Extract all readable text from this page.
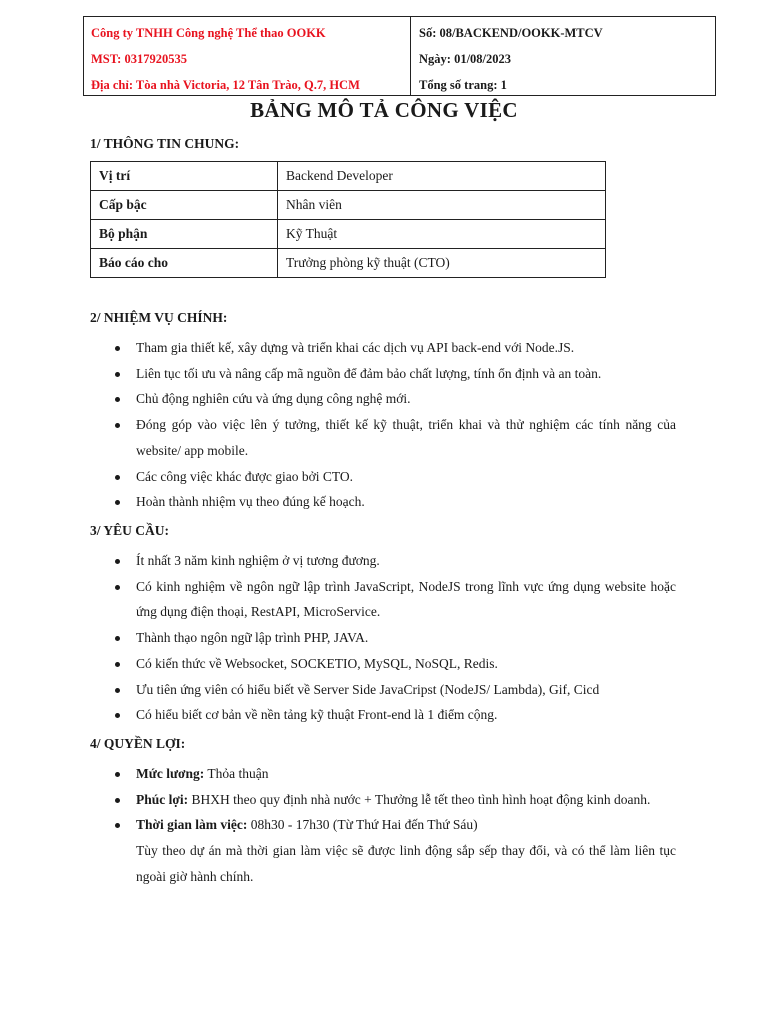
Công ty TNHH Công nghệ Thể thao OOKK
MST: 0317920535
Địa chỉ: Tòa nhà Victoria, 12 Tân Trào, Q.7, HCM
Số: 08/BACKEND/OOKK-MTCV
Ngày: 01/08/2023
Tổng số trang: 1
BẢNG MÔ TẢ CÔNG VIỆC
1/ THÔNG TIN CHUNG:
Vị trí	Backend Developer
Cấp bậc	Nhân viên
Bộ phận	Kỹ Thuật
Báo cáo cho	Trưởng phòng kỹ thuật (CTO)
2/ NHIỆM VỤ CHÍNH:
Tham gia thiết kế, xây dựng và triển khai các dịch vụ API back-end với Node.JS.
Liên tục tối ưu và nâng cấp mã nguồn để đảm bảo chất lượng, tính ổn định và an toàn.
Chủ động nghiên cứu và ứng dụng công nghệ mới.
Đóng góp vào việc lên ý tưởng, thiết kế kỹ thuật, triển khai và thử nghiệm các tính năng của website/ app mobile.
Các công việc khác được giao bởi CTO.
Hoàn thành nhiệm vụ theo đúng kế hoạch.
3/ YÊU CẦU:
Ít nhất 3 năm kinh nghiệm ở vị tương đương.
Có kinh nghiệm về ngôn ngữ lập trình JavaScript, NodeJS trong lĩnh vực ứng dụng website hoặc ứng dụng điện thoại, RestAPI, MicroService.
Thành thạo ngôn ngữ lập trình PHP, JAVA.
Có kiến thức về Websocket, SOCKETIO, MySQL, NoSQL, Redis.
Ưu tiên ứng viên có hiểu biết về Server Side JavaCripst (NodeJS/ Lambda), Gif, Cicd
Có hiểu biết cơ bản về nền tảng kỹ thuật Front-end là 1 điểm cộng.
4/ QUYỀN LỢI:
Mức lương: Thỏa thuận
Phúc lợi: BHXH theo quy định nhà nước + Thưởng lễ tết theo tình hình hoạt động kinh doanh.
Thời gian làm việc: 08h30 - 17h30 (Từ Thứ Hai đến Thứ Sáu)
Tùy theo dự án mà thời gian làm việc sẽ được linh động sắp sếp thay đổi, và có thể làm liên tục ngoài giờ hành chính.
